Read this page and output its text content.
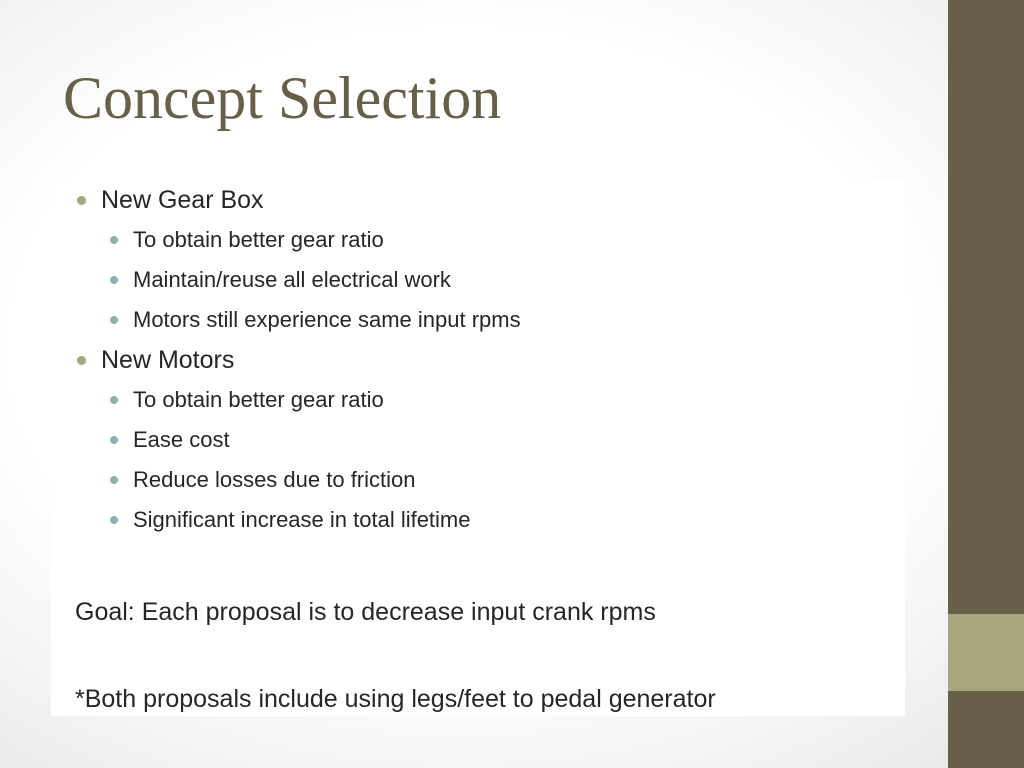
Concept Selection
New Gear Box
To obtain better gear ratio
Maintain/reuse all electrical work
Motors still experience same input rpms
New Motors
To obtain better gear ratio
Ease cost
Reduce losses due to friction
Significant increase in total lifetime

Goal: Each proposal is to decrease input crank rpms

*Both proposals include using legs/feet to pedal generator
